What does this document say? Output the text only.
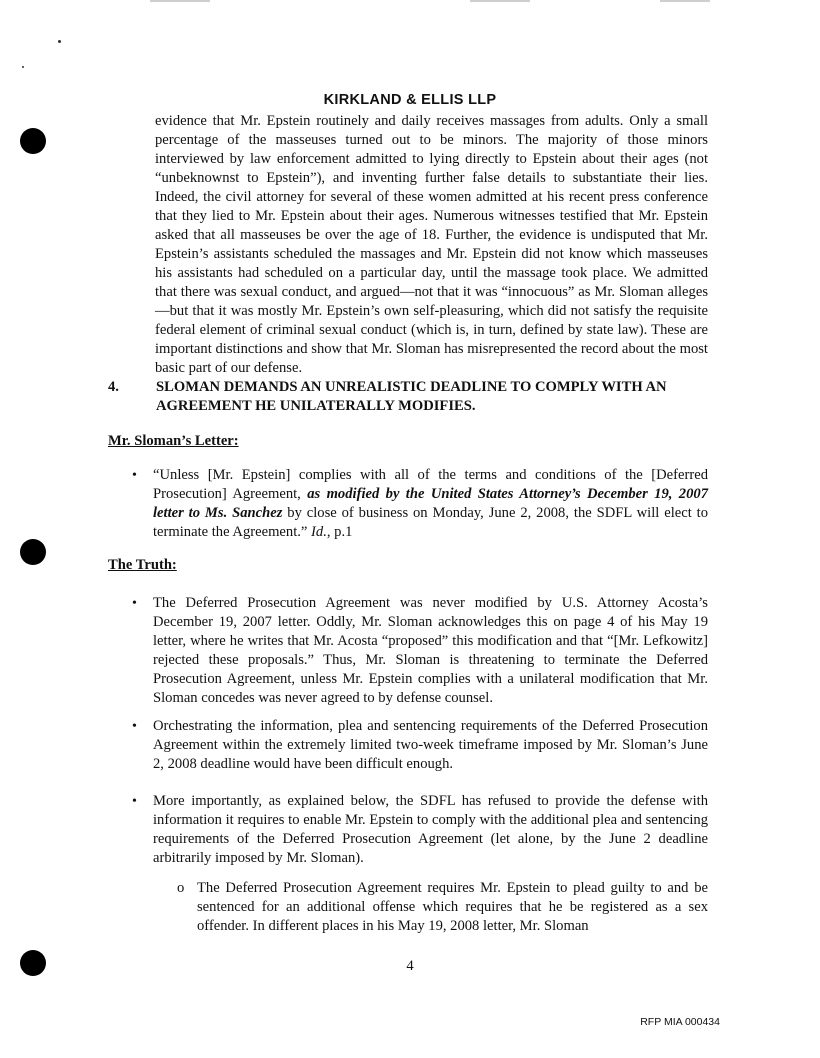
KIRKLAND & ELLIS LLP
evidence that Mr. Epstein routinely and daily receives massages from adults. Only a small percentage of the masseuses turned out to be minors. The majority of those minors interviewed by law enforcement admitted to lying directly to Epstein about their ages (not “unbeknownst to Epstein”), and inventing further false details to substantiate their lies. Indeed, the civil attorney for several of these women admitted at his recent press conference that they lied to Mr. Epstein about their ages. Numerous witnesses testified that Mr. Epstein asked that all masseuses be over the age of 18. Further, the evidence is undisputed that Mr. Epstein’s assistants scheduled the massages and Mr. Epstein did not know which masseuses his assistants had scheduled on a particular day, until the massage took place. We admitted that there was sexual conduct, and argued—not that it was “innocuous” as Mr. Sloman alleges—but that it was mostly Mr. Epstein’s own self-pleasuring, which did not satisfy the requisite federal element of criminal sexual conduct (which is, in turn, defined by state law). These are important distinctions and show that Mr. Sloman has misrepresented the record about the most basic part of our defense.
4.	SLOMAN DEMANDS AN UNREALISTIC DEADLINE TO COMPLY WITH AN AGREEMENT HE UNILATERALLY MODIFIES.
Mr. Sloman’s Letter:
• “Unless [Mr. Epstein] complies with all of the terms and conditions of the [Deferred Prosecution] Agreement, as modified by the United States Attorney’s December 19, 2007 letter to Ms. Sanchez by close of business on Monday, June 2, 2008, the SDFL will elect to terminate the Agreement.” Id., p.1
The Truth:
• The Deferred Prosecution Agreement was never modified by U.S. Attorney Acosta’s December 19, 2007 letter. Oddly, Mr. Sloman acknowledges this on page 4 of his May 19 letter, where he writes that Mr. Acosta “proposed” this modification and that “[Mr. Lefkowitz] rejected these proposals.” Thus, Mr. Sloman is threatening to terminate the Deferred Prosecution Agreement, unless Mr. Epstein complies with a unilateral modification that Mr. Sloman concedes was never agreed to by defense counsel.
• Orchestrating the information, plea and sentencing requirements of the Deferred Prosecution Agreement within the extremely limited two-week timeframe imposed by Mr. Sloman’s June 2, 2008 deadline would have been difficult enough.
• More importantly, as explained below, the SDFL has refused to provide the defense with information it requires to enable Mr. Epstein to comply with the additional plea and sentencing requirements of the Deferred Prosecution Agreement (let alone, by the June 2 deadline arbitrarily imposed by Mr. Sloman).
o The Deferred Prosecution Agreement requires Mr. Epstein to plead guilty to and be sentenced for an additional offense which requires that he be registered as a sex offender. In different places in his May 19, 2008 letter, Mr. Sloman
4
RFP MIA 000434
